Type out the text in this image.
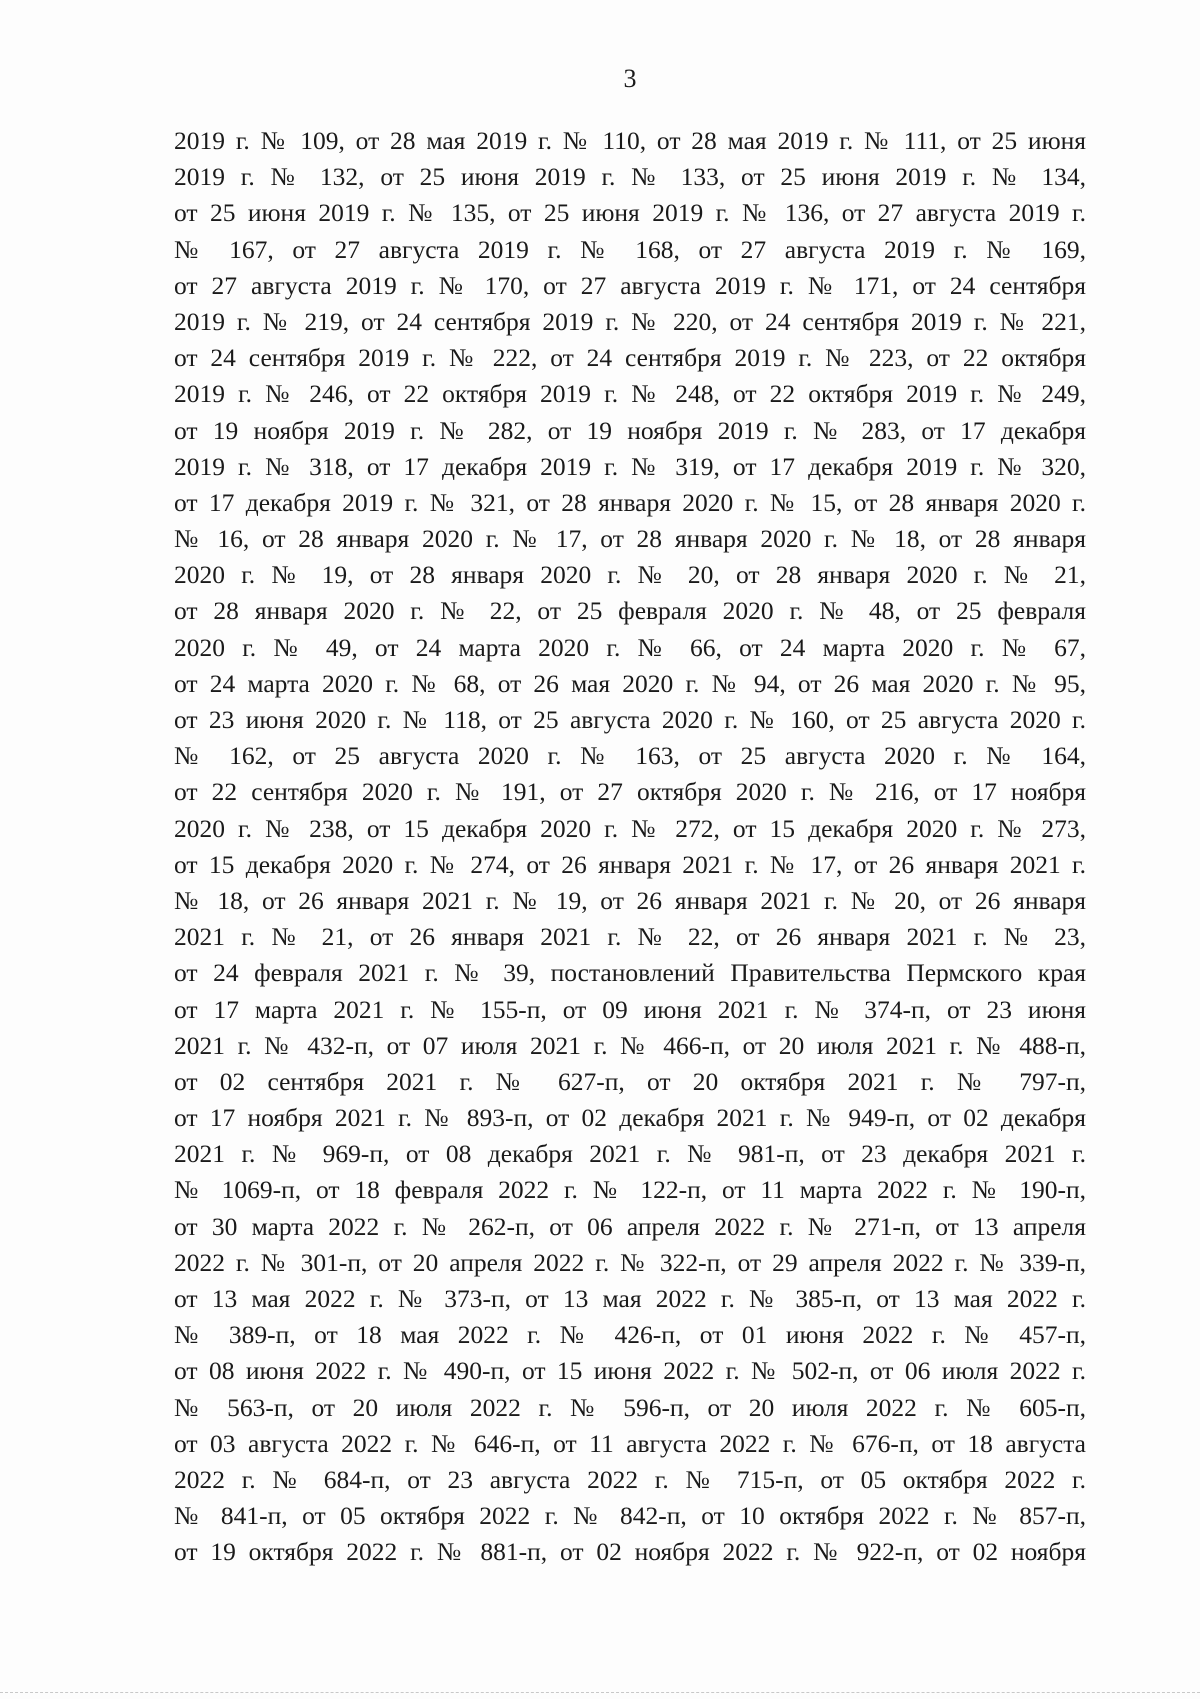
3
2019 г. № 109, от 28 мая 2019 г. № 110, от 28 мая 2019 г. № 111, от 25 июня
2019 г. № 132, от 25 июня 2019 г. № 133, от 25 июня 2019 г. № 134,
от 25 июня 2019 г. № 135, от 25 июня 2019 г. № 136, от 27 августа 2019 г.
№ 167, от 27 августа 2019 г. № 168, от 27 августа 2019 г. № 169,
от 27 августа 2019 г. № 170, от 27 августа 2019 г. № 171, от 24 сентября
2019 г. № 219, от 24 сентября 2019 г. № 220, от 24 сентября 2019 г. № 221,
от 24 сентября 2019 г. № 222, от 24 сентября 2019 г. № 223, от 22 октября
2019 г. № 246, от 22 октября 2019 г. № 248, от 22 октября 2019 г. № 249,
от 19 ноября 2019 г. № 282, от 19 ноября 2019 г. № 283, от 17 декабря
2019 г. № 318, от 17 декабря 2019 г. № 319, от 17 декабря 2019 г. № 320,
от 17 декабря 2019 г. № 321, от 28 января 2020 г. № 15, от 28 января 2020 г.
№ 16, от 28 января 2020 г. № 17, от 28 января 2020 г. № 18, от 28 января
2020 г. № 19, от 28 января 2020 г. № 20, от 28 января 2020 г. № 21,
от 28 января 2020 г. № 22, от 25 февраля 2020 г. № 48, от 25 февраля
2020 г. № 49, от 24 марта 2020 г. № 66, от 24 марта 2020 г. № 67,
от 24 марта 2020 г. № 68, от 26 мая 2020 г. № 94, от 26 мая 2020 г. № 95,
от 23 июня 2020 г. № 118, от 25 августа 2020 г. № 160, от 25 августа 2020 г.
№ 162, от 25 августа 2020 г. № 163, от 25 августа 2020 г. № 164,
от 22 сентября 2020 г. № 191, от 27 октября 2020 г. № 216, от 17 ноября
2020 г. № 238, от 15 декабря 2020 г. № 272, от 15 декабря 2020 г. № 273,
от 15 декабря 2020 г. № 274, от 26 января 2021 г. № 17, от 26 января 2021 г.
№ 18, от 26 января 2021 г. № 19, от 26 января 2021 г. № 20, от 26 января
2021 г. № 21, от 26 января 2021 г. № 22, от 26 января 2021 г. № 23,
от 24 февраля 2021 г. № 39, постановлений Правительства Пермского края
от 17 марта 2021 г. № 155-п, от 09 июня 2021 г. № 374-п, от 23 июня
2021 г. № 432-п, от 07 июля 2021 г. № 466-п, от 20 июля 2021 г. № 488-п,
от 02 сентября 2021 г. № 627-п, от 20 октября 2021 г. № 797-п,
от 17 ноября 2021 г. № 893-п, от 02 декабря 2021 г. № 949-п, от 02 декабря
2021 г. № 969-п, от 08 декабря 2021 г. № 981-п, от 23 декабря 2021 г.
№ 1069-п, от 18 февраля 2022 г. № 122-п, от 11 марта 2022 г. № 190-п,
от 30 марта 2022 г. № 262-п, от 06 апреля 2022 г. № 271-п, от 13 апреля
2022 г. № 301-п, от 20 апреля 2022 г. № 322-п, от 29 апреля 2022 г. № 339-п,
от 13 мая 2022 г. № 373-п, от 13 мая 2022 г. № 385-п, от 13 мая 2022 г.
№ 389-п, от 18 мая 2022 г. № 426-п, от 01 июня 2022 г. № 457-п,
от 08 июня 2022 г. № 490-п, от 15 июня 2022 г. № 502-п, от 06 июля 2022 г.
№ 563-п, от 20 июля 2022 г. № 596-п, от 20 июля 2022 г. № 605-п,
от 03 августа 2022 г. № 646-п, от 11 августа 2022 г. № 676-п, от 18 августа
2022 г. № 684-п, от 23 августа 2022 г. № 715-п, от 05 октября 2022 г.
№ 841-п, от 05 октября 2022 г. № 842-п, от 10 октября 2022 г. № 857-п,
от 19 октября 2022 г. № 881-п, от 02 ноября 2022 г. № 922-п, от 02 ноября
